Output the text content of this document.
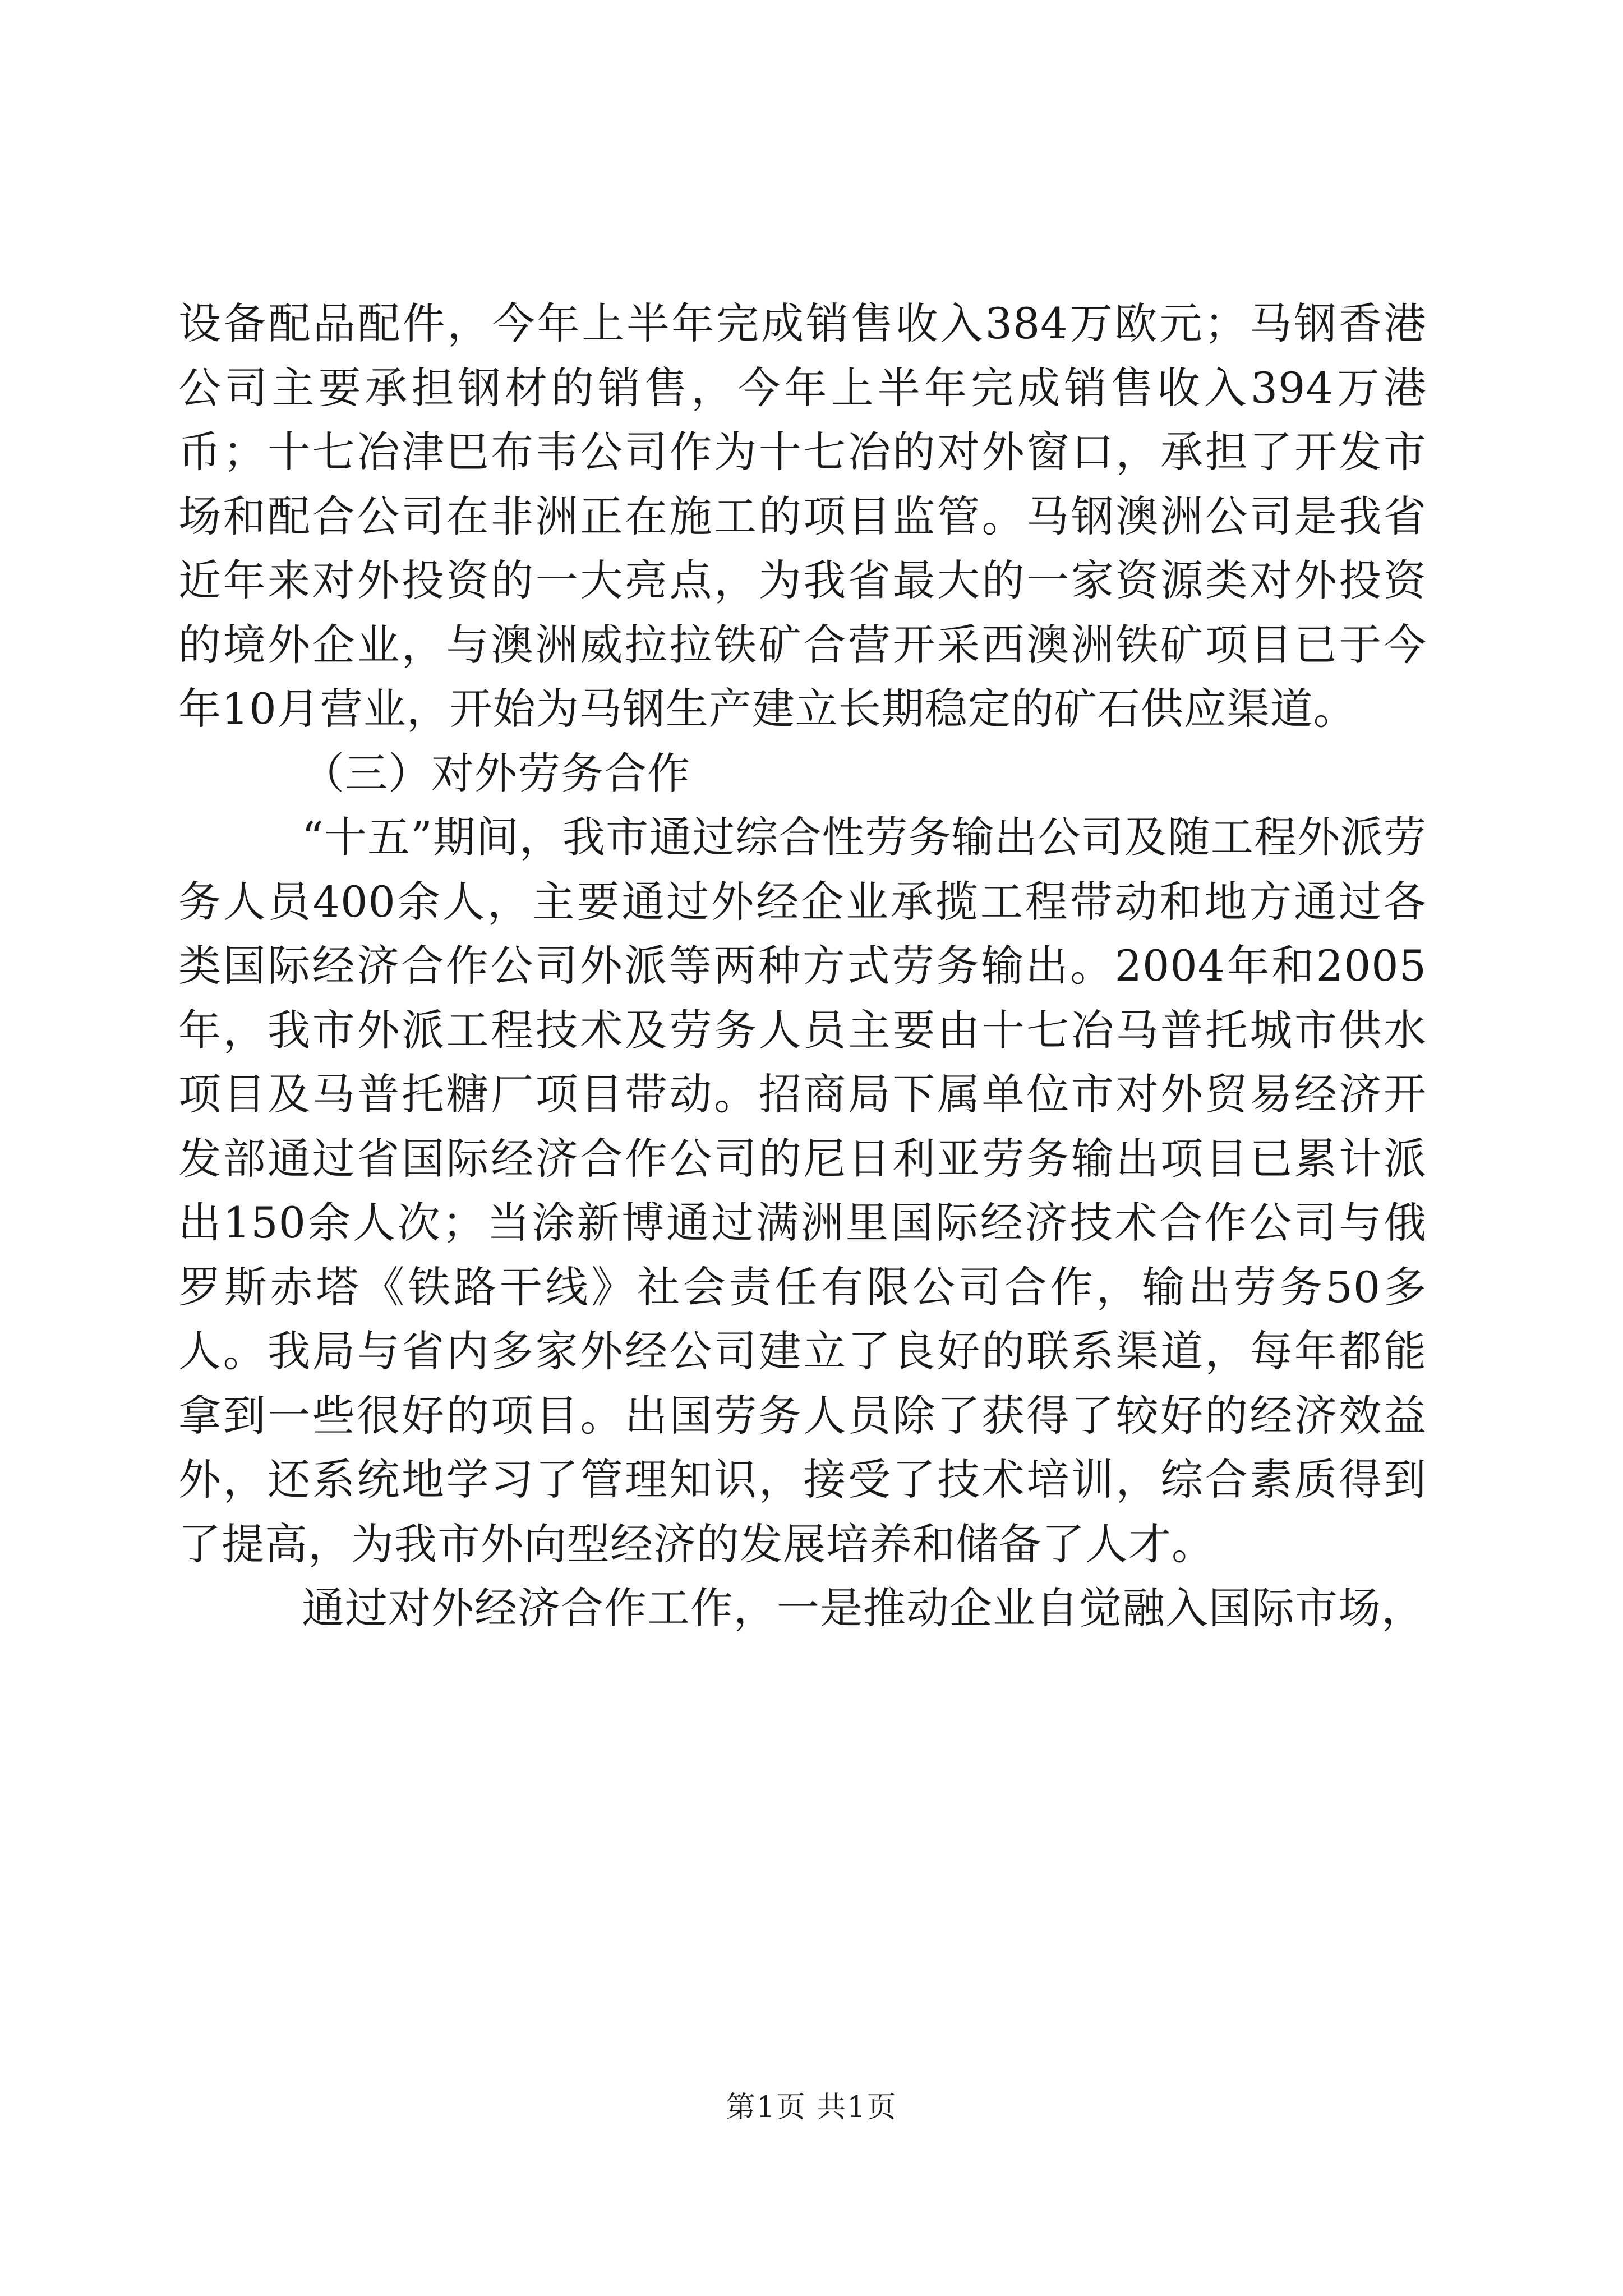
设备配品配件，今年上半年完成销售收入384万欧元；马钢香港公司主要承担钢材的销售，今年上半年完成销售收入394万港币；十七冶津巴布韦公司作为十七冶的对外窗口，承担了开发市场和配合公司在非洲正在施工的项目监管。马钢澳洲公司是我省近年来对外投资的一大亮点，为我省最大的一家资源类对外投资的境外企业，与澳洲威拉拉铁矿合营开采西澳洲铁矿项目已于今年10月营业，开始为马钢生产建立长期稳定的矿石供应渠道。

（三）对外劳务合作

“十五”期间，我市通过综合性劳务输出公司及随工程外派劳务人员400余人，主要通过外经企业承揽工程带动和地方通过各类国际经济合作公司外派等两种方式劳务输出。2004年和2005年，我市外派工程技术及劳务人员主要由十七冶马普托城市供水项目及马普托糖厂项目带动。招商局下属单位市对外贸易经济开发部通过省国际经济合作公司的尼日利亚劳务输出项目已累计派出150余人次；当涂新博通过满洲里国际经济技术合作公司与俄罗斯赤塔《铁路干线》社会责任有限公司合作，输出劳务50多人。我局与省内多家外经公司建立了良好的联系渠道，每年都能拿到一些很好的项目。出国劳务人员除了获得了较好的经济效益外，还系统地学习了管理知识，接受了技术培训，综合素质得到了提高，为我市外向型经济的发展培养和储备了人才。

通过对外经济合作工作，一是推动企业自觉融入国际市场，

第1页 共1页
